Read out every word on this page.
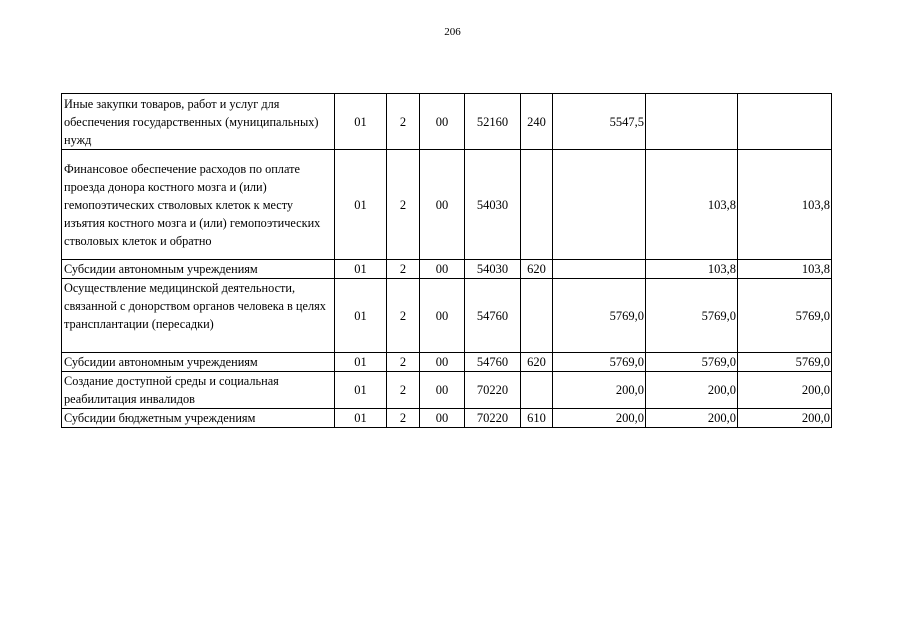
206
Иные закупки товаров, работ и услуг для обеспечения государственных (муниципальных) нужд	01	2	00	52160	240	5547,5		
Финансовое обеспечение расходов по оплате проезда донора костного мозга и (или) гемопоэтических стволовых клеток к месту изъятия костного мозга и (или) гемопоэтических стволовых клеток и обратно	01	2	00	54030			103,8	103,8
Субсидии автономным учреждениям	01	2	00	54030	620		103,8	103,8
Осуществление медицинской деятельности, связанной с донорством органов человека в целях трансплантации (пересадки)	01	2	00	54760		5769,0	5769,0	5769,0
Субсидии автономным учреждениям	01	2	00	54760	620	5769,0	5769,0	5769,0
Создание доступной среды и социальная реабилитация инвалидов	01	2	00	70220		200,0	200,0	200,0
Субсидии бюджетным учреждениям	01	2	00	70220	610	200,0	200,0	200,0
